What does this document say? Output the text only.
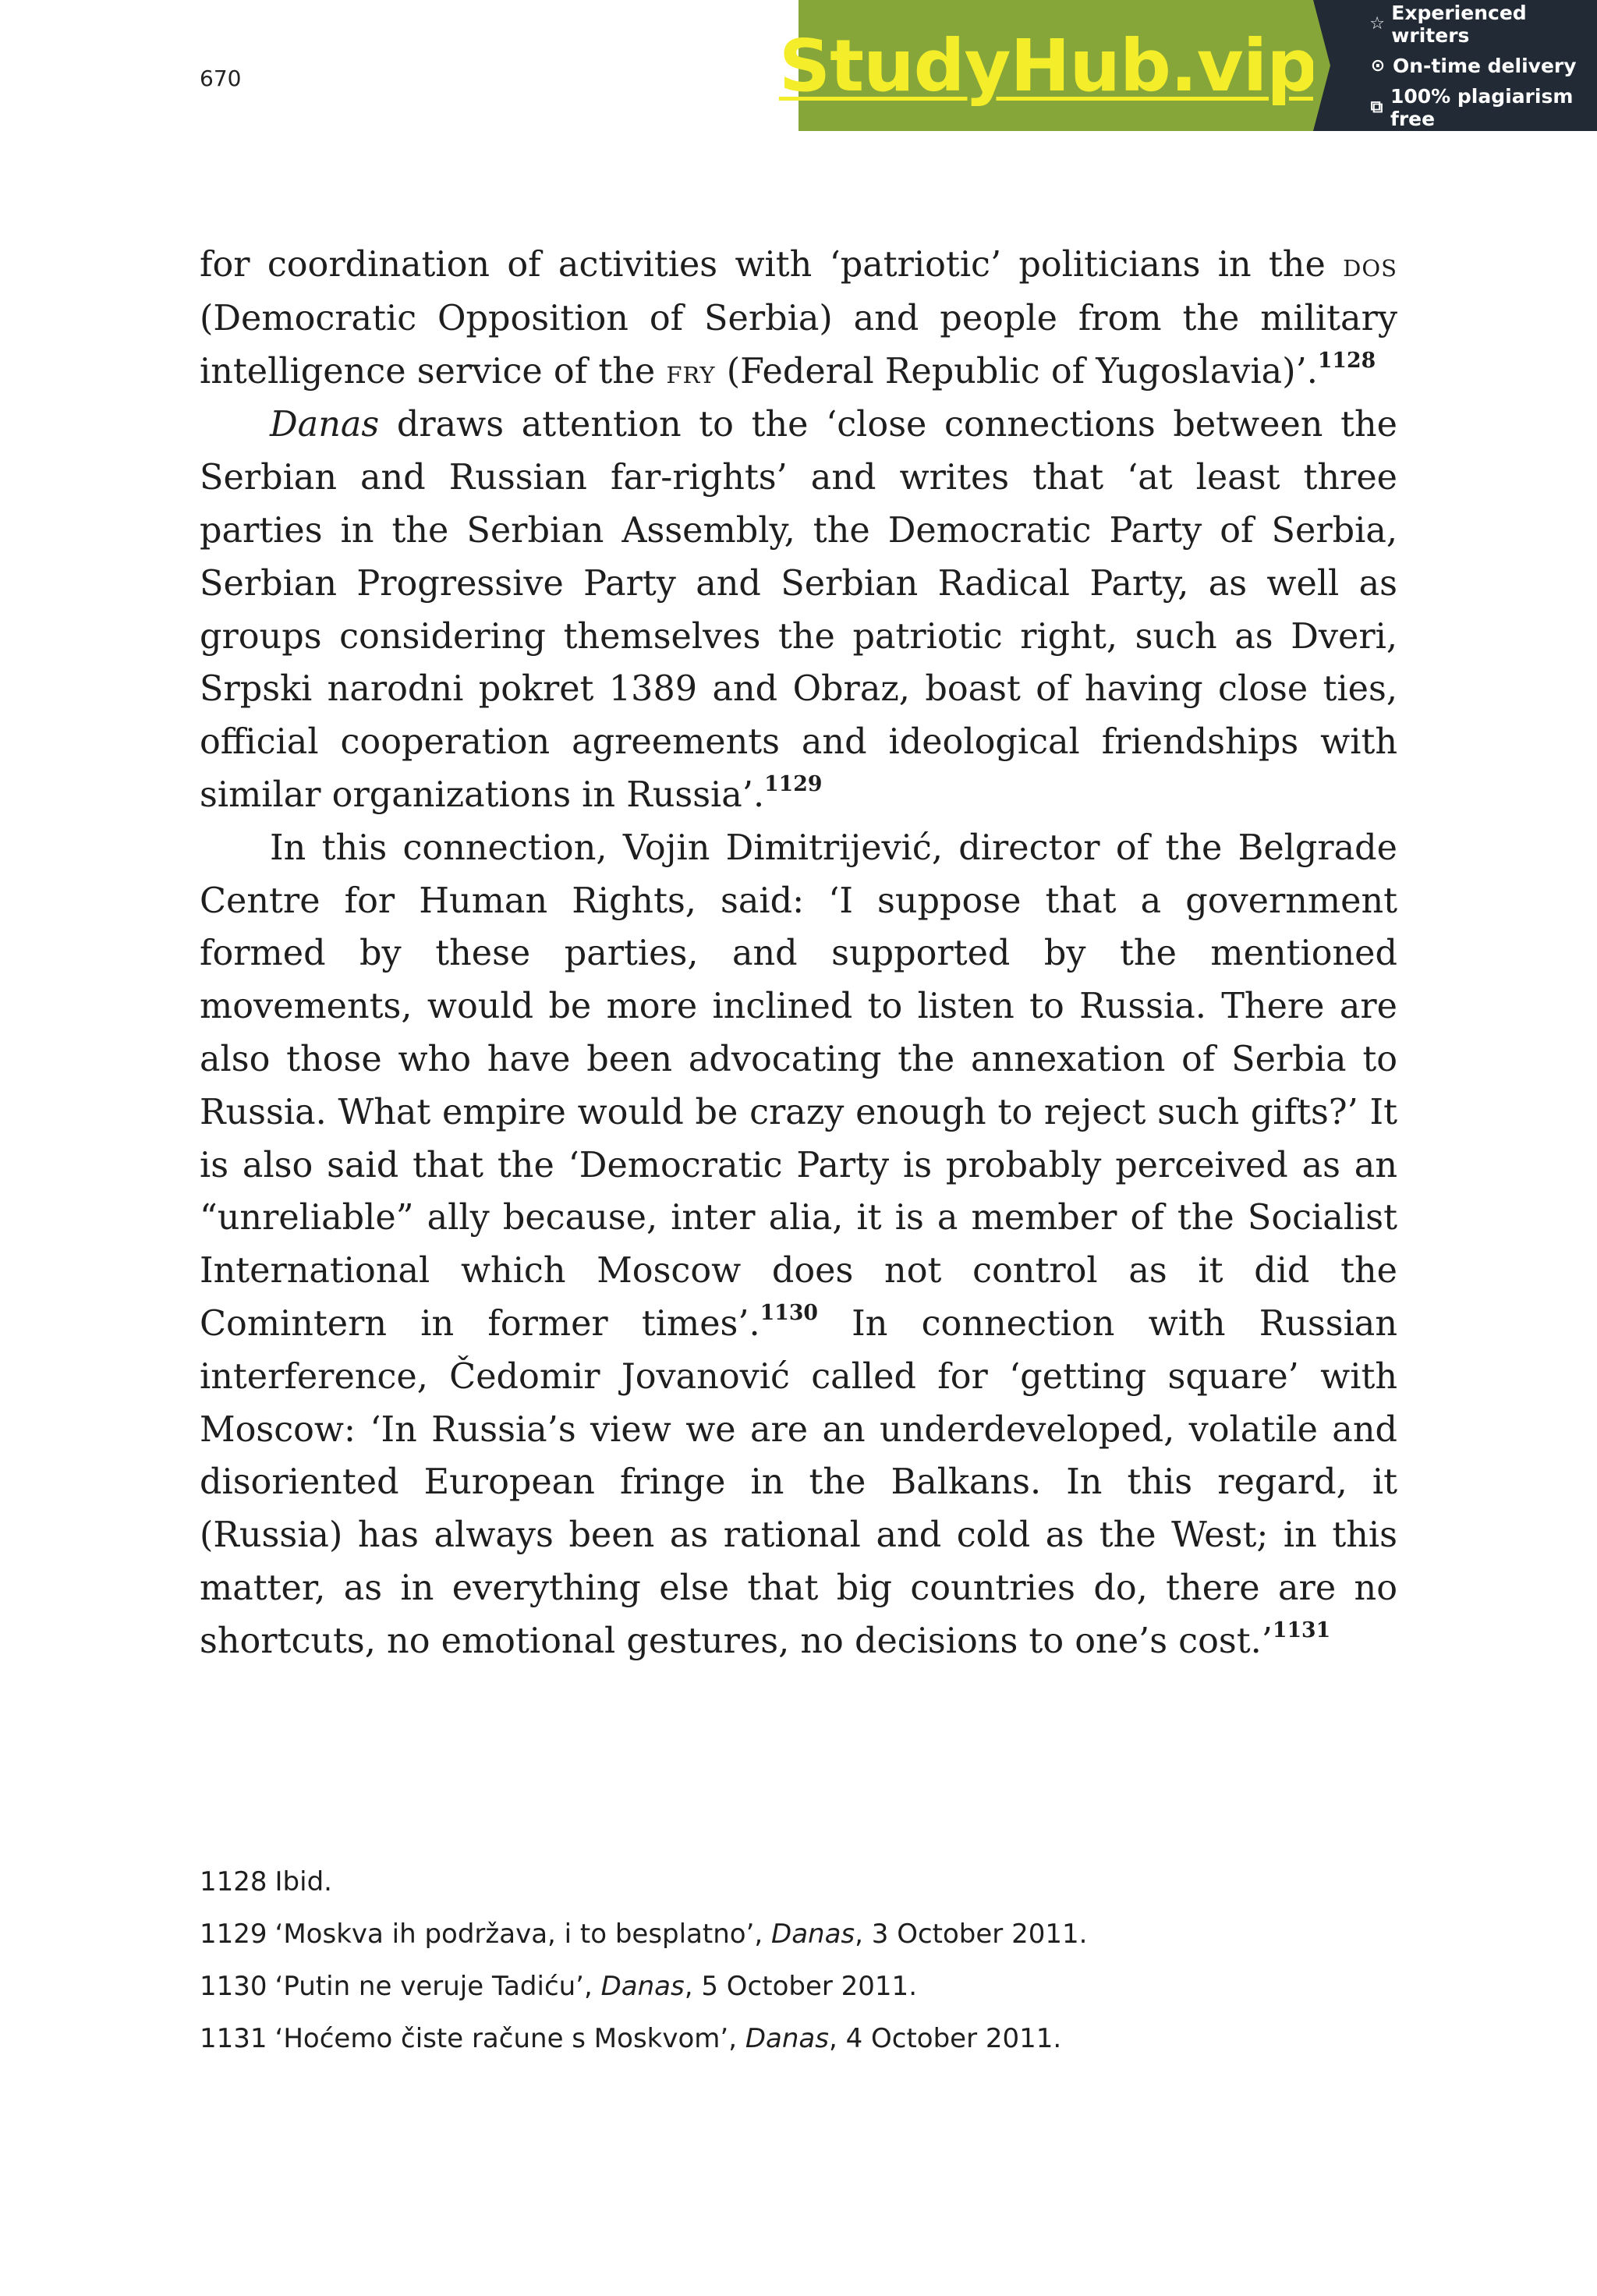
670	StudyHub.vip	☆ Experienced writers
⊙ On-time delivery
⧉ 100% plagiarism free

for coordination of activities with ‘patriotic’ politicians in the dos (Democratic Opposition of Serbia) and people from the military intelligence service of the fry (Federal Republic of Yugoslavia)’.$^{1128}$

Danas draws attention to the ‘close connections between the Serbian and Russian far-rights’ and writes that ‘at least three parties in the Serbian Assembly, the Democratic Party of Serbia, Serbian Progressive Party and Serbian Radical Party, as well as groups considering themselves the patriotic right, such as Dveri, Srpski narodni pokret 1389 and Obraz, boast of having close ties, official cooperation agreements and ideological friendships with similar organizations in Russia’.$^{1129}$

In this connection, Vojin Dimitrijević, director of the Belgrade Centre for Human Rights, said: ‘I suppose that a government formed by these parties, and supported by the mentioned movements, would be more inclined to listen to Russia. There are also those who have been advocating the annexation of Serbia to Russia. What empire would be crazy enough to reject such gifts?’ It is also said that the ‘Democratic Party is probably perceived as an “unreliable” ally because, inter alia, it is a member of the Socialist International which Moscow does not control as it did the Comintern in former times’.$^{1130}$ In connection with Russian interference, Čedomir Jovanović called for ‘getting square’ with Moscow: ‘In Russia’s view we are an underdeveloped, volatile and disoriented European fringe in the Balkans. In this regard, it (Russia) has always been as rational and cold as the West; in this matter, as in everything else that big countries do, there are no shortcuts, no emotional gestures, no decisions to one’s cost.’$^{1131}$

1128 Ibid.

1129 ‘Moskva ih podržava, i to besplatno’, Danas, 3 October 2011.

1130 ‘Putin ne veruje Tadiću’, Danas, 5 October 2011.

1131 ‘Hoćemo čiste račune s Moskvom’, Danas, 4 October 2011.
